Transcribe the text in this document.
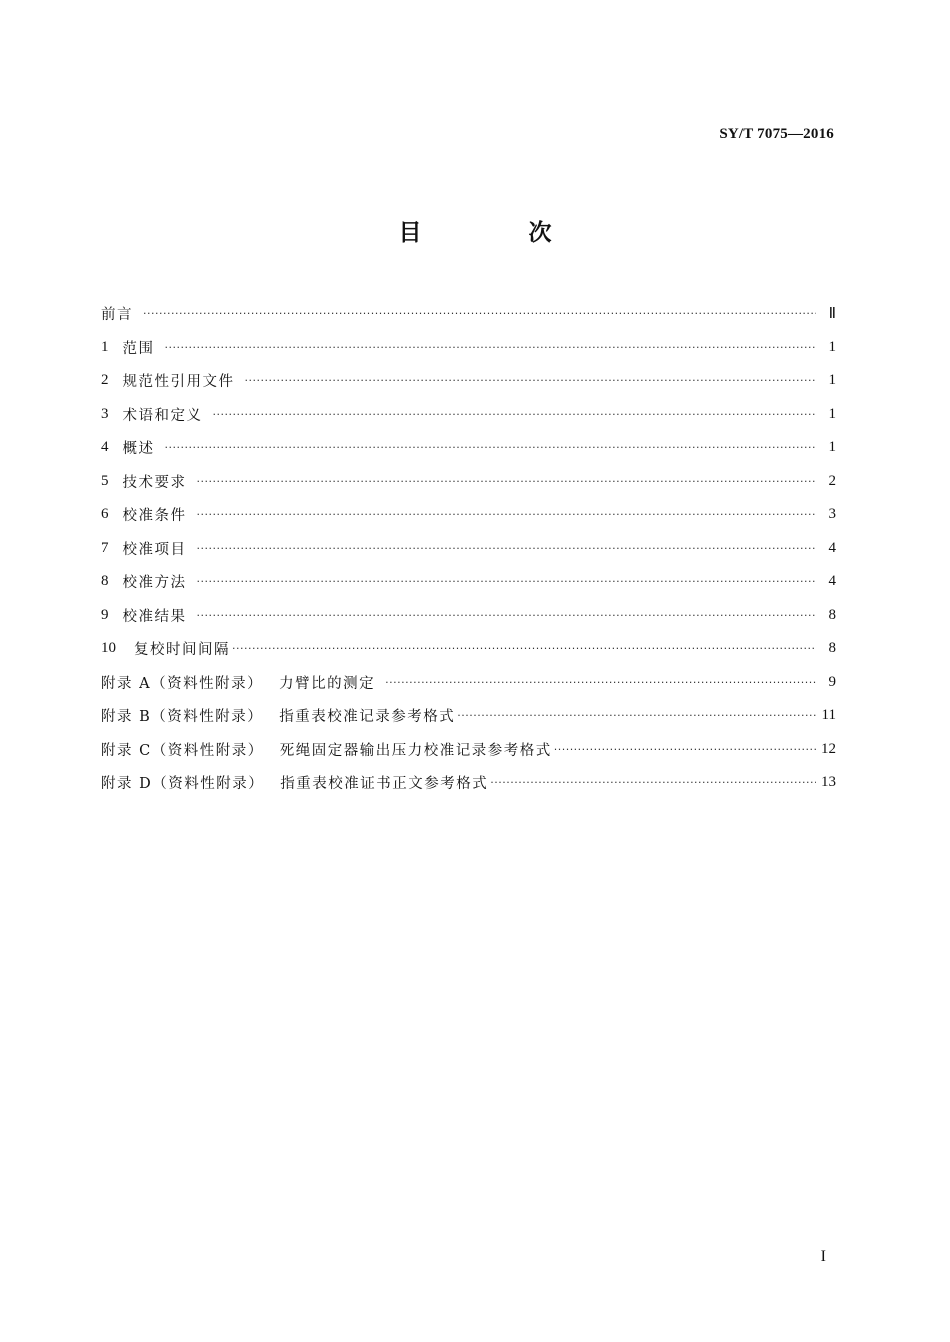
SY/T 7075—2016
目　次
前言 ·····	Ⅱ
1 范围 ·····	1
2 规范性引用文件 ·····	1
3 术语和定义 ·····	1
4 概述 ·····	1
5 技术要求 ·····	2
6 校准条件 ·····	3
7 校准项目 ·····	4
8 校准方法 ·····	4
9 校准结果 ·····	8
10 复校时间间隔 ·····	8
附录 A（资料性附录） 力臂比的测定 ·····	9
附录 B（资料性附录） 指重表校准记录参考格式 ·····	11
附录 C（资料性附录） 死绳固定器输出压力校准记录参考格式 ·····	12
附录 D（资料性附录） 指重表校准证书正文参考格式 ·····	13
I
